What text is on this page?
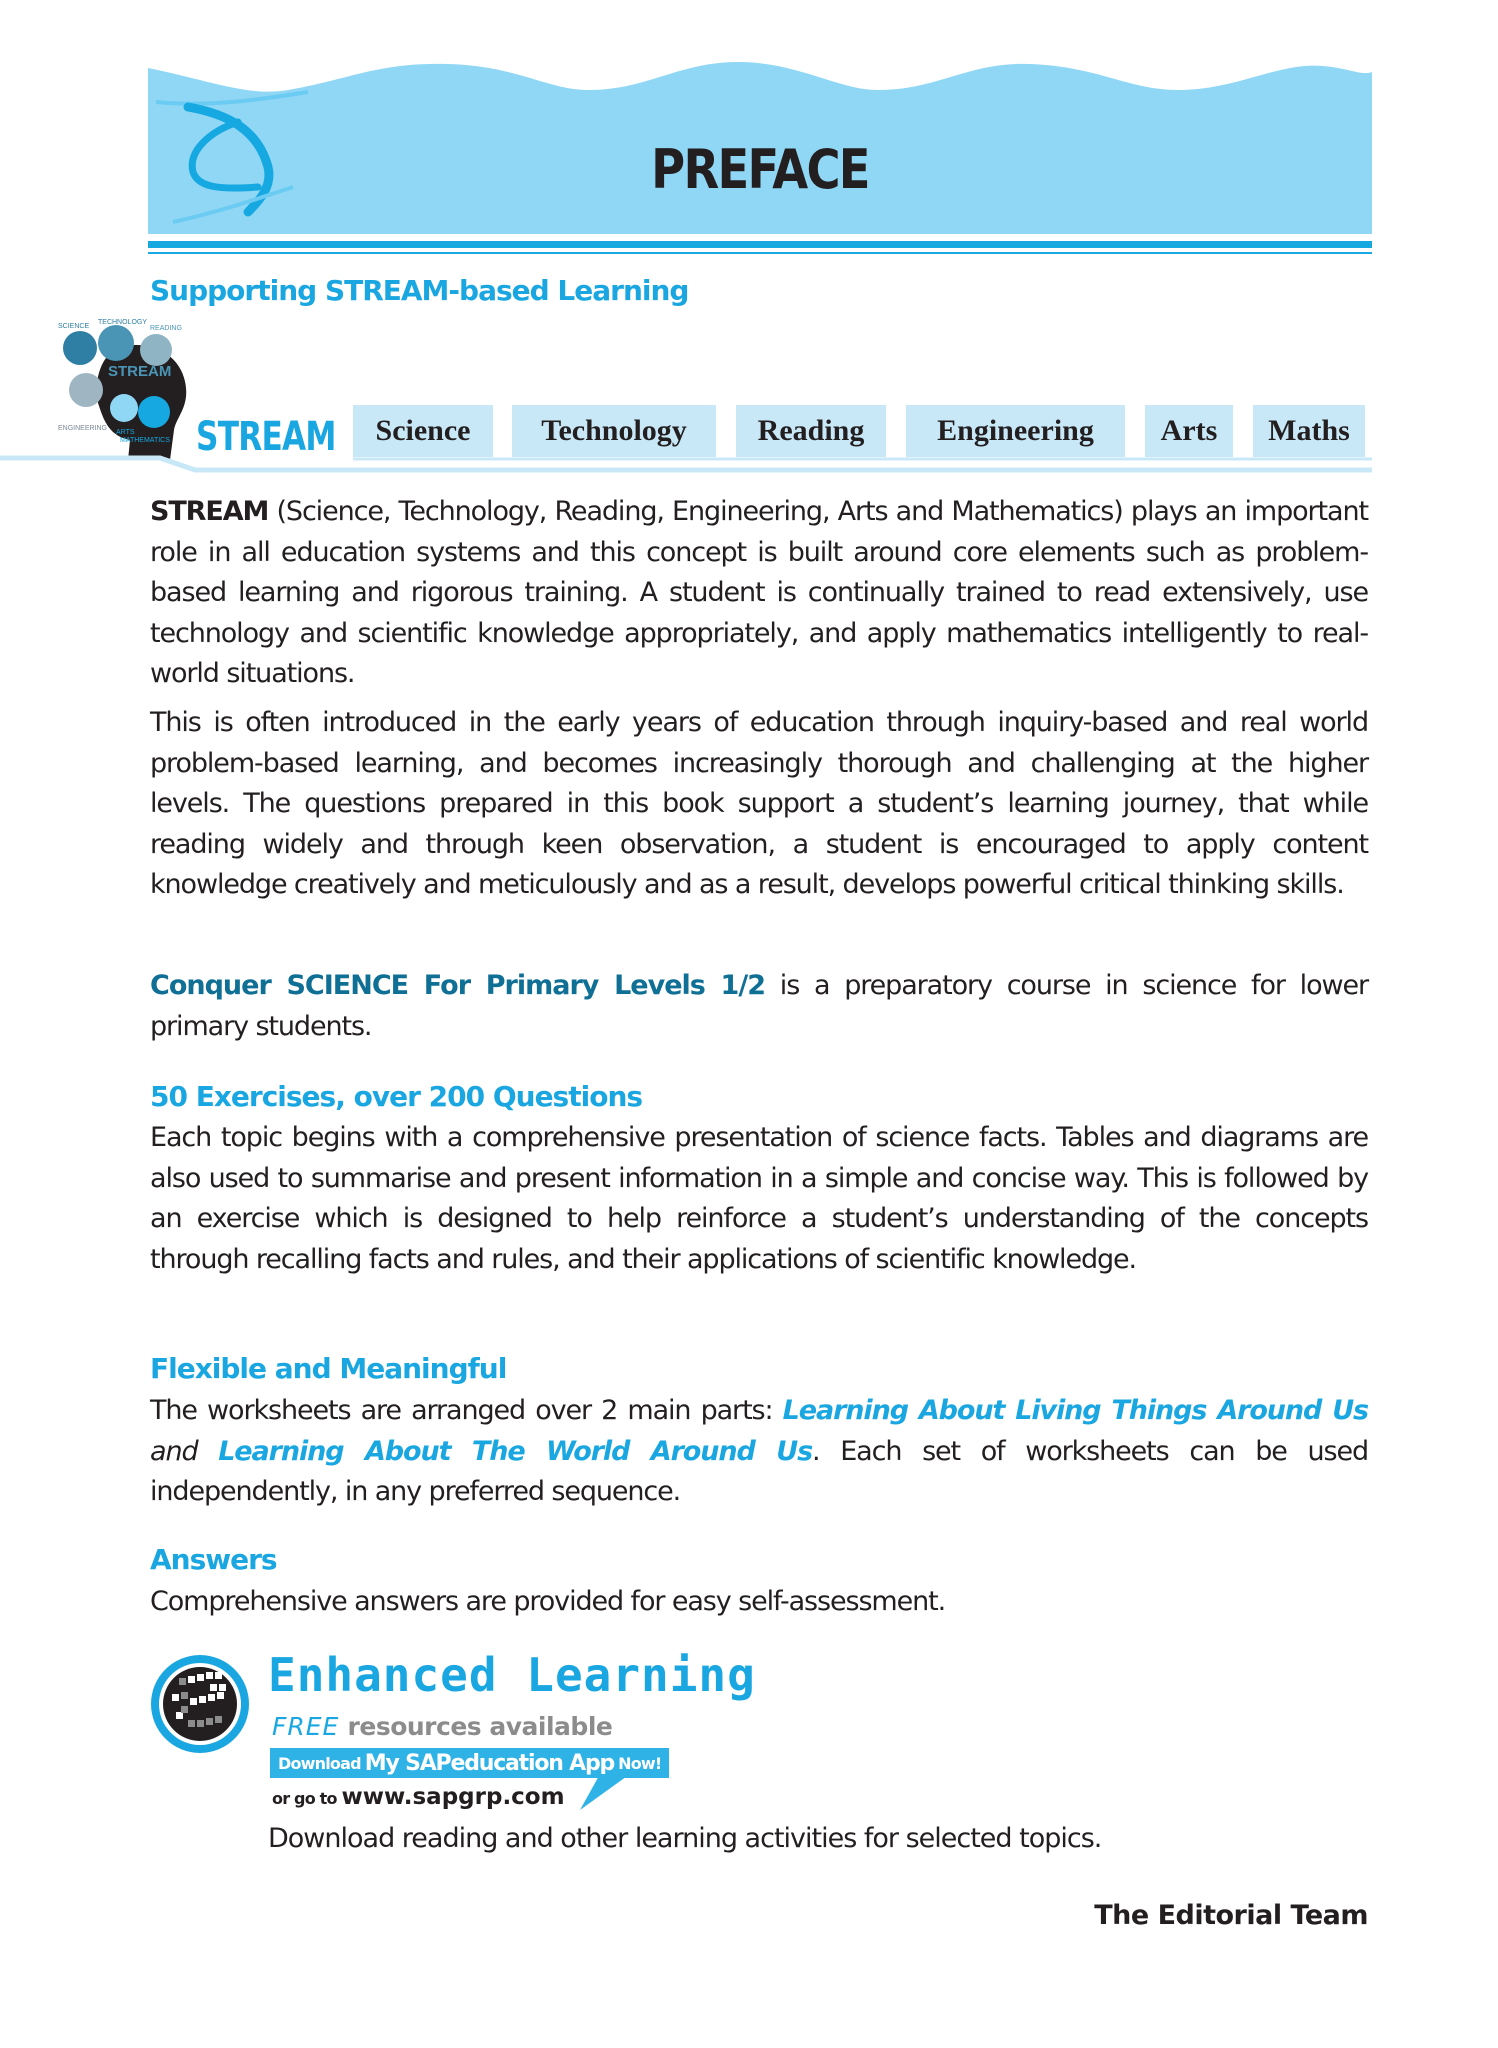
PREFACE
Supporting STREAM-based Learning
SCIENCE
TECHNOLOGY
READING
STREAM
ENGINEERING
ARTS
MATHEMATICS STREAM	Science	Technology	Reading	Engineering	Arts	Maths
STREAM (Science, Technology, Reading, Engineering, Arts and Mathematics) plays an important role in all education systems and this concept is built around core elements such as problem-based learning and rigorous training. A student is continually trained to read extensively, use technology and scientific knowledge appropriately, and apply mathematics intelligently to real-world situations.
This is often introduced in the early years of education through inquiry-based and real world problem-based learning, and becomes increasingly thorough and challenging at the higher levels. The questions prepared in this book support a student’s learning journey, that while reading widely and through keen observation, a student is encouraged to apply content knowledge creatively and meticulously and as a result, develops powerful critical thinking skills.
Conquer SCIENCE For Primary Levels 1/2 is a preparatory course in science for lower primary students.
50 Exercises, over 200 Questions
Each topic begins with a comprehensive presentation of science facts. Tables and diagrams are also used to summarise and present information in a simple and concise way. This is followed by an exercise which is designed to help reinforce a student’s understanding of the concepts through recalling facts and rules, and their applications of scientific knowledge.
Flexible and Meaningful
The worksheets are arranged over 2 main parts: Learning About Living Things Around Us and Learning About The World Around Us. Each set of worksheets can be used independently, in any preferred sequence.
Answers
Comprehensive answers are provided for easy self-assessment.
Enhanced Learning
FREE resources available
Download My SAPeducation App Now!
or go to www.sapgrp.com
Download reading and other learning activities for selected topics.
The Editorial Team
